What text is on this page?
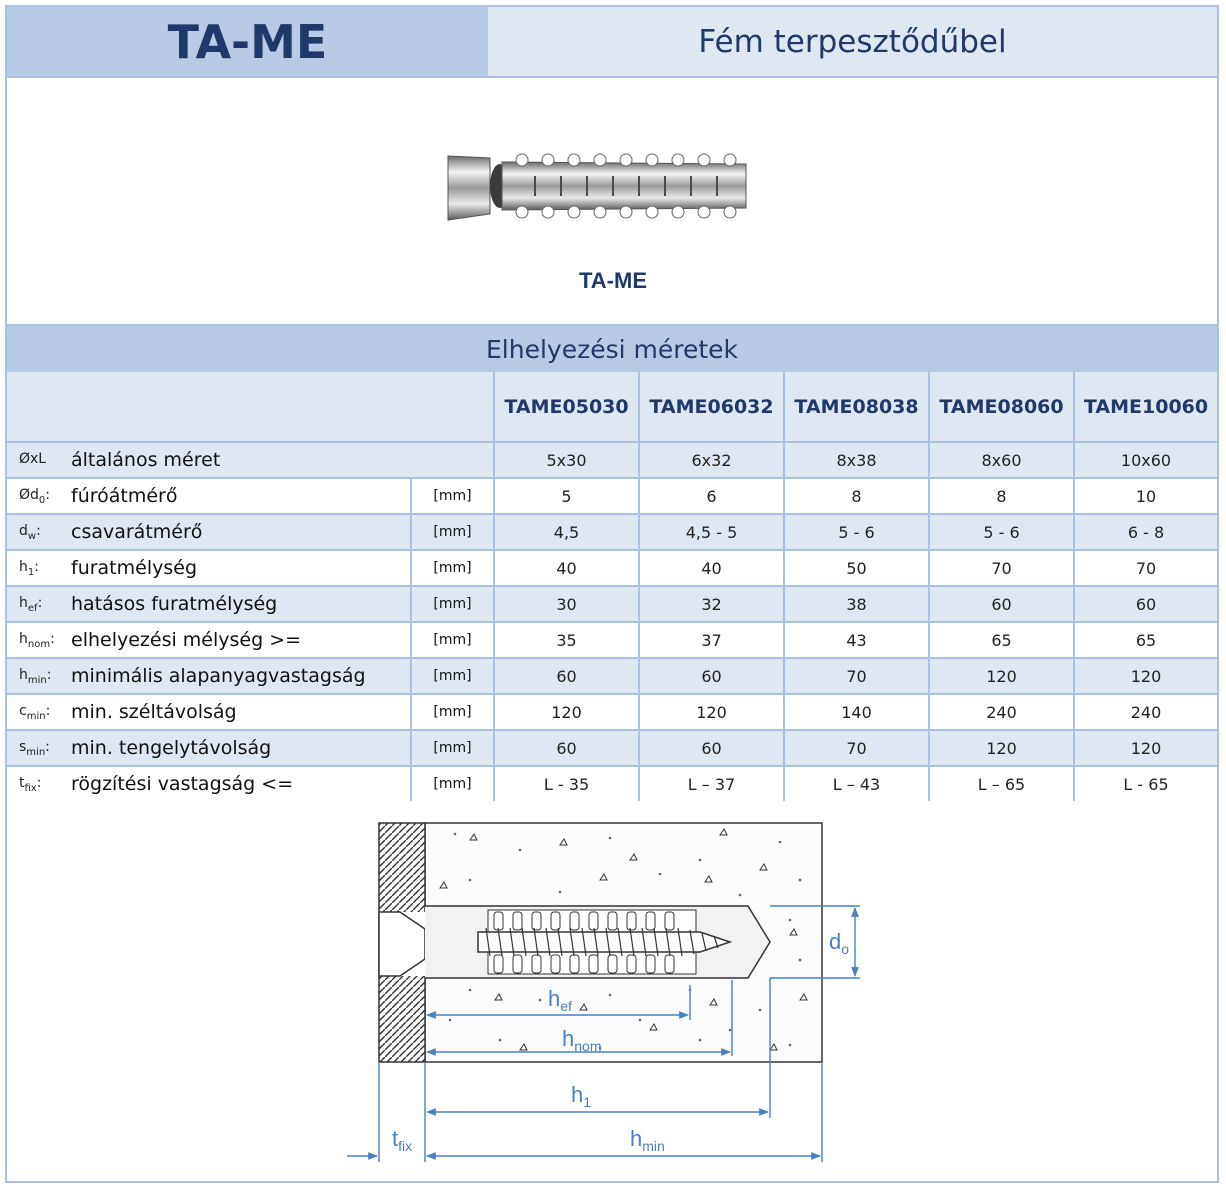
TA-ME	Fém terpesztődűbel
TA-ME
Elhelyezési méretek
			TAME05030	TAME06032	TAME08038	TAME08060	TAME10060
ØxL	általános méret		5x30	6x32	8x38	8x60	10x60
$Ød_0$:	fúróátmérő	[mm]	5	6	8	8	10
$d_w$:	csavarátmérő	[mm]	4,5	4,5 - 5	5 - 6	5 - 6	6 - 8
$h_1$:	furatmélység	[mm]	40	40	50	70	70
$h_{ef}$:	hatásos furatmélység	[mm]	30	32	38	60	60
$h_{nom}$:	elhelyezési mélység >=	[mm]	35	37	43	65	65
$h_{min}$:	minimális alapanyagvastagság	[mm]	60	60	70	120	120
$c_{min}$:	min. széltávolság	[mm]	120	120	140	240	240
$s_{min}$:	min. tengelytávolság	[mm]	60	60	70	120	120
$t_{fix}$:	rögzítési vastagság <=	[mm]	L - 35	L – 37	L – 43	L – 65	L - 65
$d_o$
$h_{ef}$
$h_{nom}$
$h_1$
$t_{fix}$	$h_{min}$
